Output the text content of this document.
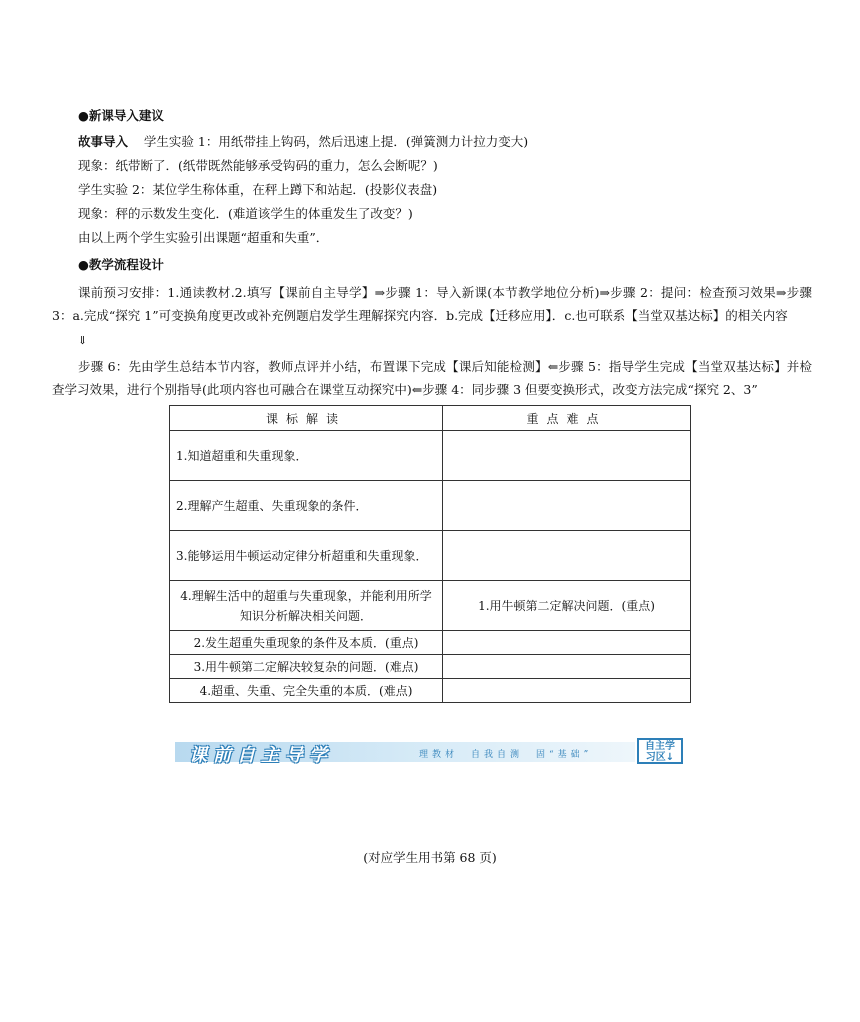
●新课导入建议
故事导入 学生实验 1：用纸带挂上钩码，然后迅速上提．(弹簧测力计拉力变大)
现象：纸带断了．(纸带既然能够承受钩码的重力，怎么会断呢？)
学生实验 2：某位学生称体重，在秤上蹲下和站起．(投影仪表盘)
现象：秤的示数发生变化．(难道该学生的体重发生了改变？)
由以上两个学生实验引出课题“超重和失重”．
●教学流程设计
课前预习安排：1.通读教材.2.填写【课前自主导学】⇒步骤 1：导入新课(本节教学地位分析)⇒步骤 2：提问：检查预习效果⇒步骤 3：a.完成“探究 1”可变换角度更改或补充例题启发学生理解探究内容．b.完成【迁移应用】．c.也可联系【当堂双基达标】的相关内容
⇓
步骤 6：先由学生总结本节内容，教师点评并小结，布置课下完成【课后知能检测】⇐步骤 5：指导学生完成【当堂双基达标】并检查学习效果，进行个别指导(此项内容也可融合在课堂互动探究中)⇐步骤 4：同步骤 3 但要变换形式，改变方法完成“探究 2、3”
课标解读	重点难点
1.知道超重和失重现象．	
2.理解产生超重、失重现象的条件．	
3.能够运用牛顿运动定律分析超重和失重现象．	
4.理解生活中的超重与失重现象，并能利用所学知识分析解决相关问题．	1.用牛顿第二定解决问题．(重点)
2.发生超重失重现象的条件及本质．(重点)	
3.用牛顿第二定解决较复杂的问题．(难点)	
4.超重、失重、完全失重的本质．(难点)	
课前自主导学	理教材　自我自测　固“基础”
自主学
习区↓
(对应学生用书第 68 页)
